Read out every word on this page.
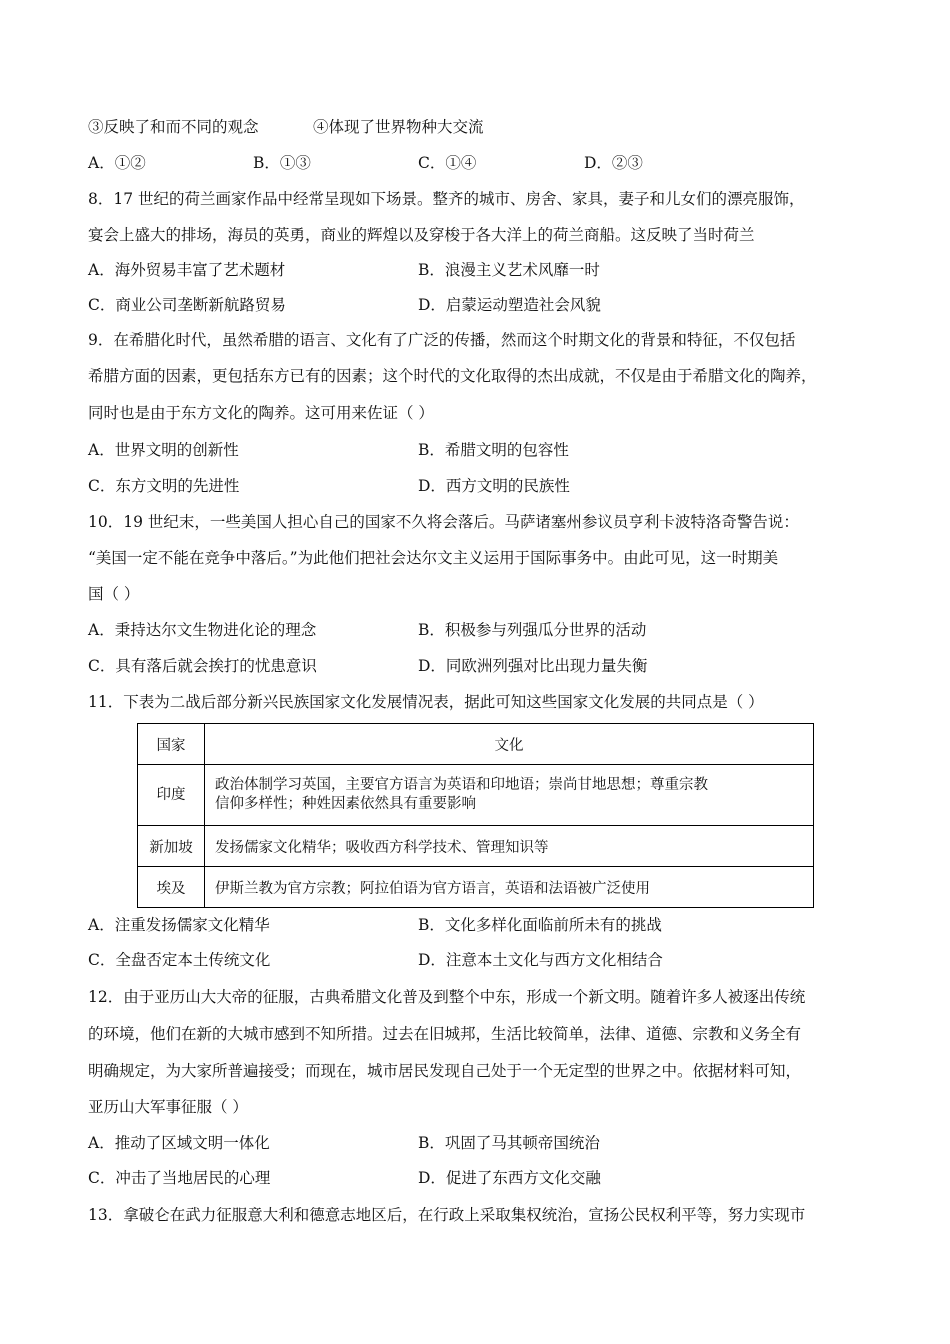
③反映了和而不同的观念	④体现了世界物种大交流
A．①②	B．①③	C．①④	D．②③
8．17 世纪的荷兰画家作品中经常呈现如下场景。整齐的城市、房舍、家具，妻子和儿女们的漂亮服饰，
宴会上盛大的排场，海员的英勇，商业的辉煌以及穿梭于各大洋上的荷兰商船。这反映了当时荷兰
A．海外贸易丰富了艺术题材	B．浪漫主义艺术风靡一时
C．商业公司垄断新航路贸易	D．启蒙运动塑造社会风貌
9．在希腊化时代，虽然希腊的语言、文化有了广泛的传播，然而这个时期文化的背景和特征，不仅包括
希腊方面的因素，更包括东方已有的因素；这个时代的文化取得的杰出成就，不仅是由于希腊文化的陶养，
同时也是由于东方文化的陶养。这可用来佐证（ ）
A．世界文明的创新性	B．希腊文明的包容性
C．东方文明的先进性	D．西方文明的民族性
10．19 世纪末，一些美国人担心自己的国家不久将会落后。马萨诸塞州参议员亨利卡波特洛奇警告说：
“美国一定不能在竞争中落后。”为此他们把社会达尔文主义运用于国际事务中。由此可见，这一时期美
国（ ）
A．秉持达尔文生物进化论的理念	B．积极参与列强瓜分世界的活动
C．具有落后就会挨打的忧患意识	D．同欧洲列强对比出现力量失衡
11．下表为二战后部分新兴民族国家文化发展情况表，据此可知这些国家文化发展的共同点是（ ）
国家	文化
印度	政治体制学习英国，主要官方语言为英语和印地语；崇尚甘地思想；尊重宗教
信仰多样性；种姓因素依然具有重要影响

新加坡	发扬儒家文化精华；吸收西方科学技术、管理知识等

埃及	伊斯兰教为官方宗教；阿拉伯语为官方语言，英语和法语被广泛使用
A．注重发扬儒家文化精华	B．文化多样化面临前所未有的挑战
C．全盘否定本土传统文化	D．注意本土文化与西方文化相结合
12．由于亚历山大大帝的征服，古典希腊文化普及到整个中东，形成一个新文明。随着许多人被逐出传统
的环境，他们在新的大城市感到不知所措。过去在旧城邦，生活比较简单，法律、道德、宗教和义务全有
明确规定，为大家所普遍接受；而现在，城市居民发现自己处于一个无定型的世界之中。依据材料可知，
亚历山大军事征服（ ）
A．推动了区域文明一体化	B．巩固了马其顿帝国统治
C．冲击了当地居民的心理	D．促进了东西方文化交融
13．拿破仑在武力征服意大利和德意志地区后，在行政上采取集权统治，宣扬公民权利平等，努力实现市
